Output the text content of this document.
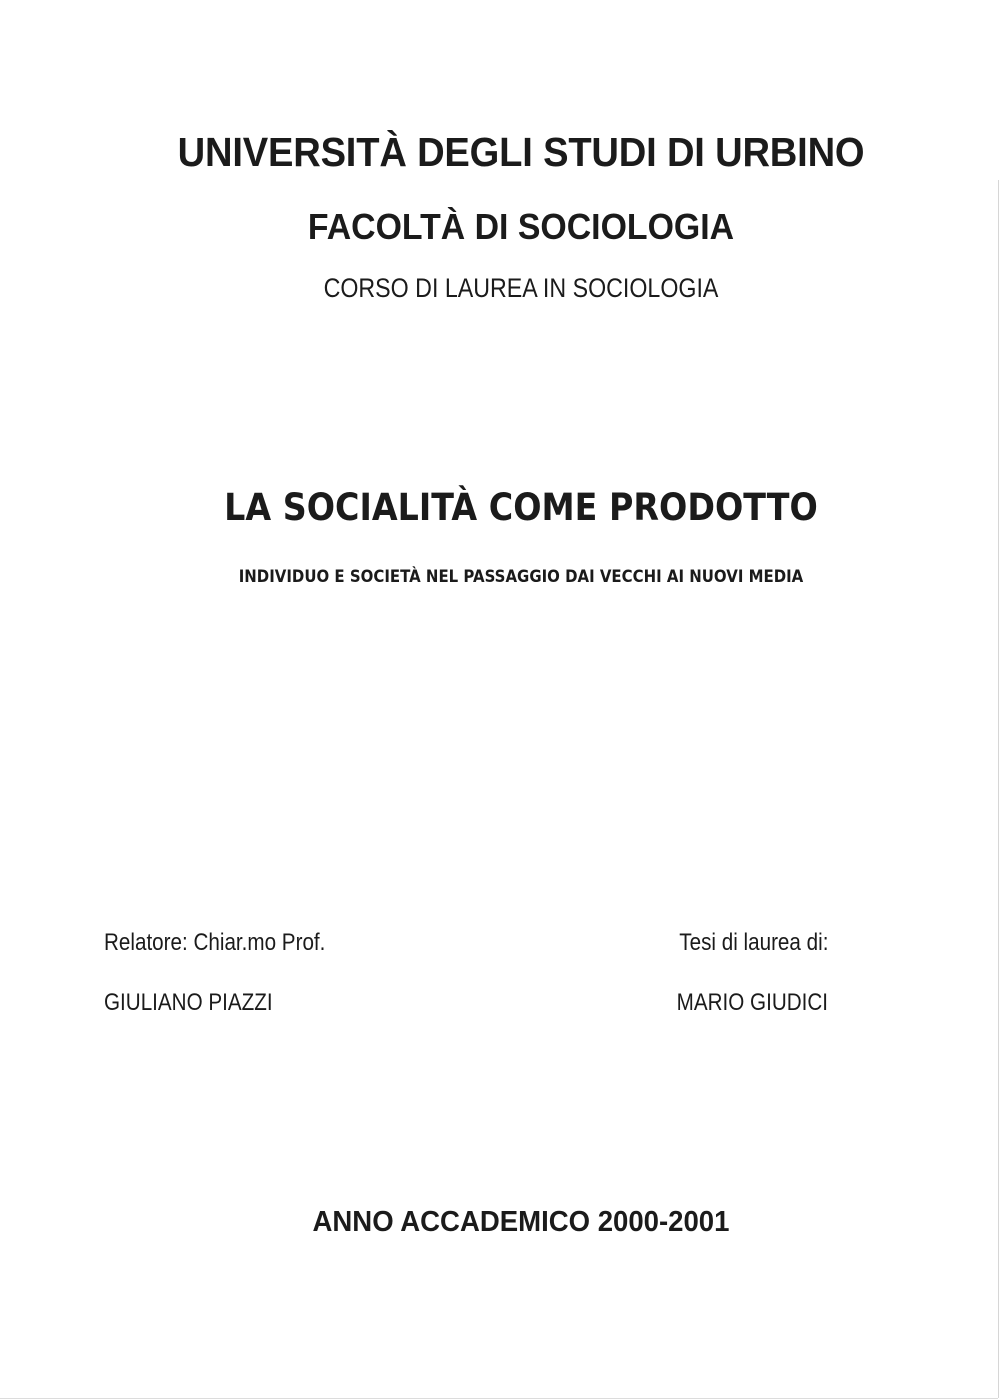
UNIVERSITÀ DEGLI STUDI DI URBINO
FACOLTÀ DI SOCIOLOGIA

CORSO DI LAUREA IN SOCIOLOGIA

LA SOCIALITÀ COME PRODOTTO

INDIVIDUO E SOCIETÀ NEL PASSAGGIO DAI VECCHI AI NUOVI MEDIA

Relatore: Chiar.mo Prof.	Tesi di laurea di:

GIULIANO PIAZZI	MARIO GIUDICI

ANNO ACCADEMICO 2000-2001
